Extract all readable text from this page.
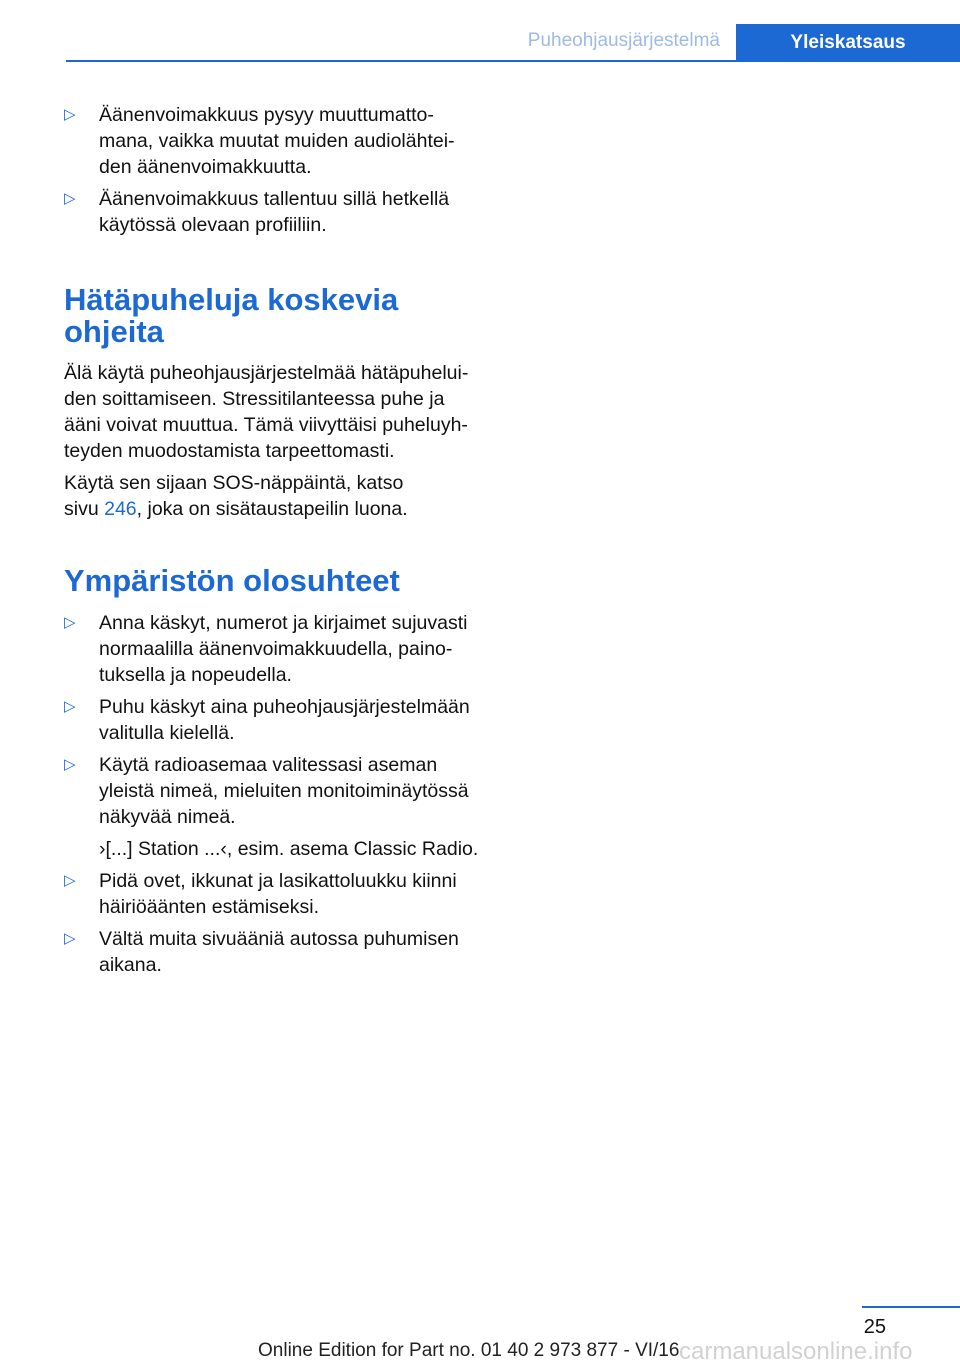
Puheohjausjärjestelmä	Yleiskatsaus

▷ Äänenvoimakkuus pysyy muuttumatto‐ mana, vaikka muutat muiden audiolähtei‐ den äänenvoimakkuutta.

▷ Äänenvoimakkuus tallentuu sillä hetkellä käytössä olevaan profiiliin.

Hätäpuheluja koskevia
ohjeita

Älä käytä puheohjausjärjestelmää hätäpuhelui‐ den soittamiseen. Stressitilanteessa puhe ja ääni voivat muuttua. Tämä viivyttäisi puheluyh‐ teyden muodostamista tarpeettomasti.

Käytä sen sijaan SOS-näppäintä, katso
sivu 246, joka on sisätaustapeilin luona.

Ympäristön olosuhteet

▷ Anna käskyt, numerot ja kirjaimet sujuvasti normaalilla äänenvoimakkuudella, paino‐ tuksella ja nopeudella.

▷ Puhu käskyt aina puheohjausjärjestelmään valitulla kielellä.

▷ Käytä radioasemaa valitessasi aseman yleistä nimeä, mieluiten monitoiminäytössä näkyvää nimeä.

›[...] Station ...‹, esim. asema Classic Radio.

▷ Pidä ovet, ikkunat ja lasikattoluukku kiinni häiriöäänten estämiseksi.

▷ Vältä muita sivuääniä autossa puhumisen aikana.

25
Online Edition for Part no. 01 40 2 973 877 - VI/16 carmanualsonline.info
